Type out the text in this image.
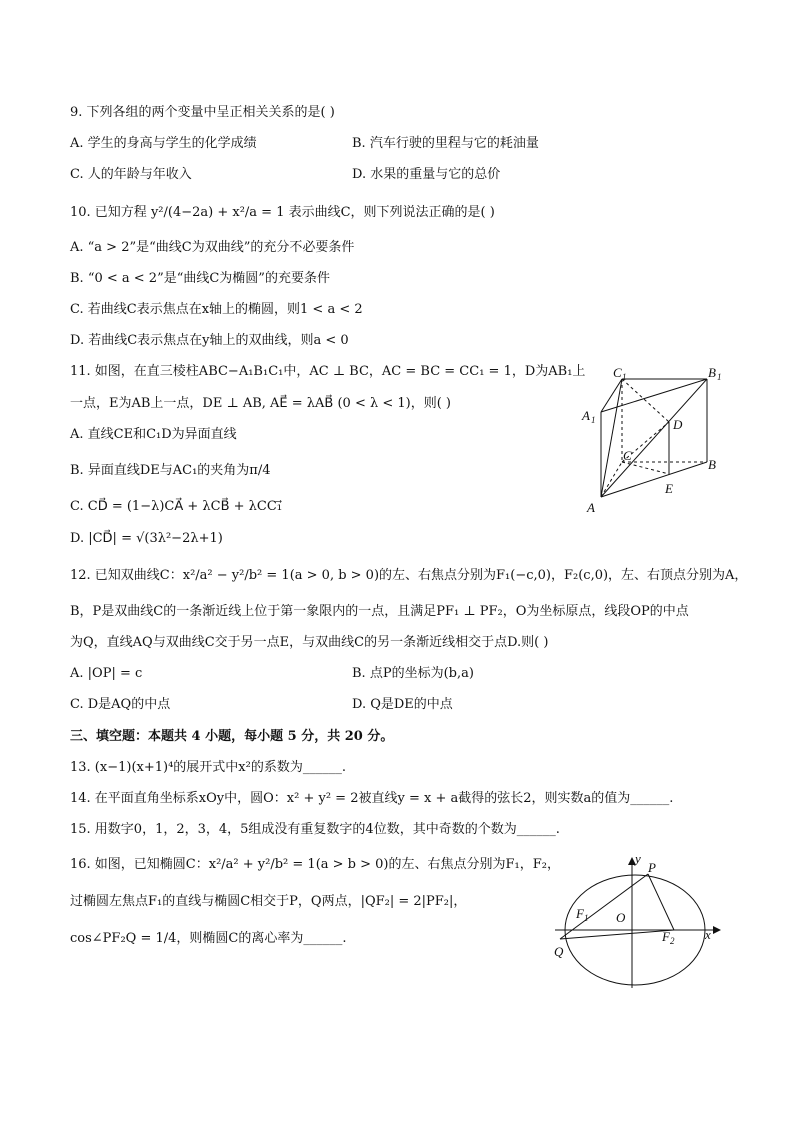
9. 下列各组的两个变量中呈正相关关系的是( )
A. 学生的身高与学生的化学成绩	B. 汽车行驶的里程与它的耗油量
C. 人的年龄与年收入	D. 水果的重量与它的总价
10. 已知方程 y²/(4−2a) + x²/a = 1 表示曲线C，则下列说法正确的是( )
A. “a > 2”是“曲线C为双曲线”的充分不必要条件
B. “0 < a < 2”是“曲线C为椭圆”的充要条件
C. 若曲线C表示焦点在x轴上的椭圆，则1 < a < 2
D. 若曲线C表示焦点在y轴上的双曲线，则a < 0
11. 如图，在直三棱柱ABC−A₁B₁C₁中，AC ⊥ BC，AC = BC = CC₁ = 1，D为AB₁上
一点，E为AB上一点，DE ⊥ AB, AE⃗ = λAB⃗ (0 < λ < 1)，则( )
A. 直线CE和C₁D为异面直线
B. 异面直线DE与AC₁的夹角为π/4
C. CD⃗ = (1−λ)CA⃗ + λCB⃗ + λCC₁⃗
D. |CD⃗| = √(3λ²−2λ+1)
C 1	B 1
A 1	D
C
B
E
A
12. 已知双曲线C：x²/a² − y²/b² = 1(a > 0, b > 0)的左、右焦点分别为F₁(−c,0)，F₂(c,0)，左、右顶点分别为A，
B，P是双曲线C的一条渐近线上位于第一象限内的一点，且满足PF₁ ⊥ PF₂，O为坐标原点，线段OP的中点
为Q，直线AQ与双曲线C交于另一点E，与双曲线C的另一条渐近线相交于点D.则( )
A. |OP| = c	B. 点P的坐标为(b,a)
C. D是AQ的中点	D. Q是DE的中点
三、填空题：本题共 4 小题，每小题 5 分，共 20 分。
13. (x−1)(x+1)⁴的展开式中x²的系数为______.
14. 在平面直角坐标系xOy中，圆O：x² + y² = 2被直线y = x + a截得的弦长2，则实数a的值为______.
15. 用数字0，1，2，3，4，5组成没有重复数字的4位数，其中奇数的个数为______.
16. 如图，已知椭圆C：x²/a² + y²/b² = 1(a > b > 0)的左、右焦点分别为F₁，F₂，
过椭圆左焦点F₁的直线与椭圆C相交于P，Q两点，|QF₂| = 2|PF₂|，
cos∠PF₂Q = 1/4，则椭圆C的离心率为______.
y
x
P
O
Q
F 1
F 2
